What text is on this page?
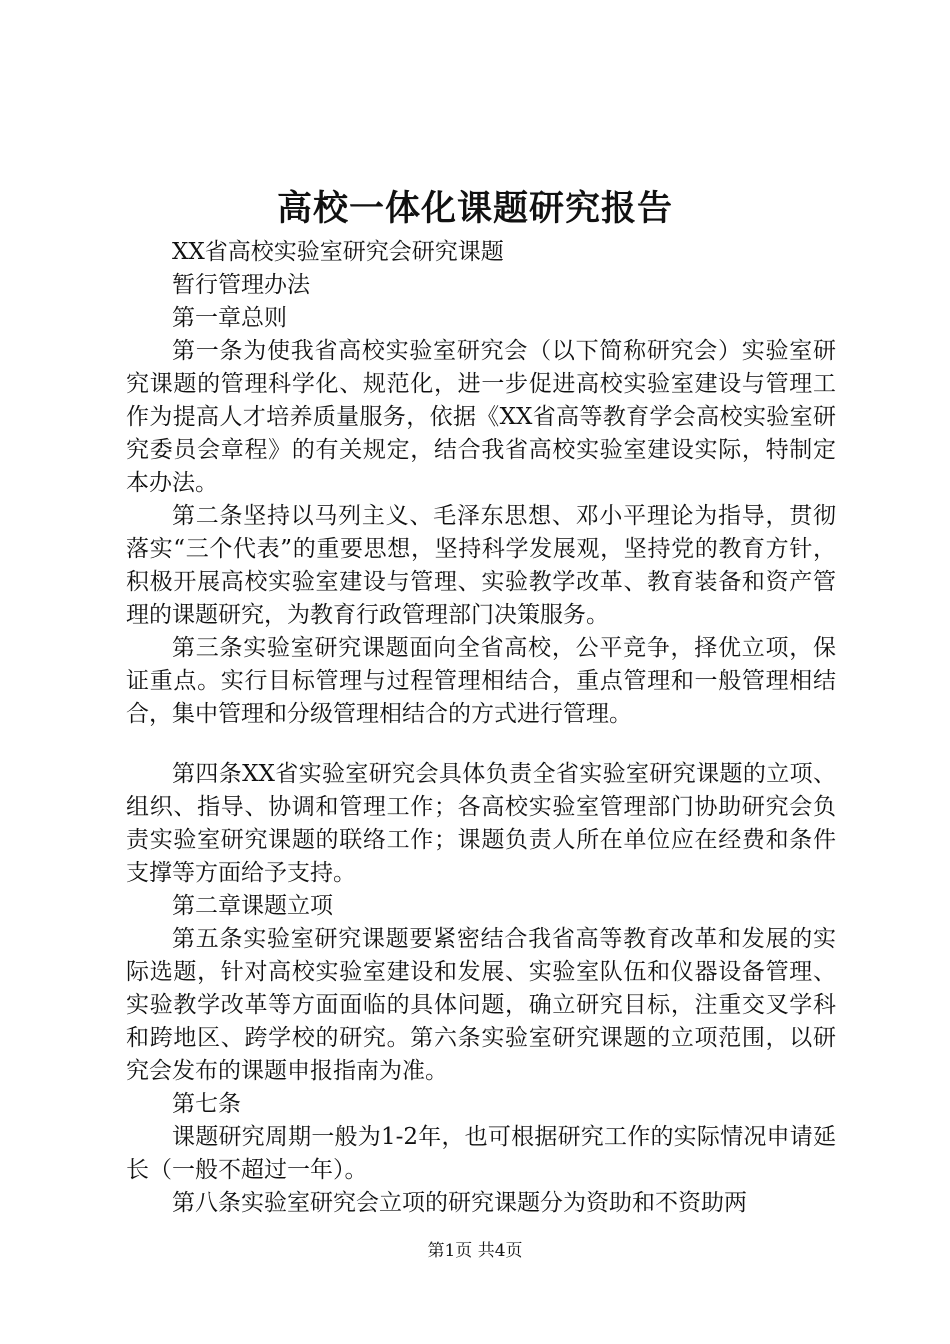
高校一体化课题研究报告

XX省高校实验室研究会研究课题

暂行管理办法

第一章总则

第一条为使我省高校实验室研究会（以下简称研究会）实验室研究课题的管理科学化、规范化，进一步促进高校实验室建设与管理工作为提高人才培养质量服务，依据《XX省高等教育学会高校实验室研究委员会章程》的有关规定，结合我省高校实验室建设实际，特制定本办法。

第二条坚持以马列主义、毛泽东思想、邓小平理论为指导，贯彻落实“三个代表”的重要思想，坚持科学发展观，坚持党的教育方针，积极开展高校实验室建设与管理、实验教学改革、教育装备和资产管理的课题研究，为教育行政管理部门决策服务。

第三条实验室研究课题面向全省高校，公平竞争，择优立项，保证重点。实行目标管理与过程管理相结合，重点管理和一般管理相结合，集中管理和分级管理相结合的方式进行管理。

第四条XX省实验室研究会具体负责全省实验室研究课题的立项、组织、指导、协调和管理工作；各高校实验室管理部门协助研究会负责实验室研究课题的联络工作；课题负责人所在单位应在经费和条件支撑等方面给予支持。

第二章课题立项

第五条实验室研究课题要紧密结合我省高等教育改革和发展的实际选题，针对高校实验室建设和发展、实验室队伍和仪器设备管理、实验教学改革等方面面临的具体问题，确立研究目标，注重交叉学科和跨地区、跨学校的研究。第六条实验室研究课题的立项范围，以研究会发布的课题申报指南为准。

第七条

课题研究周期一般为1-2年，也可根据研究工作的实际情况申请延长（一般不超过一年）。

第八条实验室研究会立项的研究课题分为资助和不资助两

第1页 共4页
